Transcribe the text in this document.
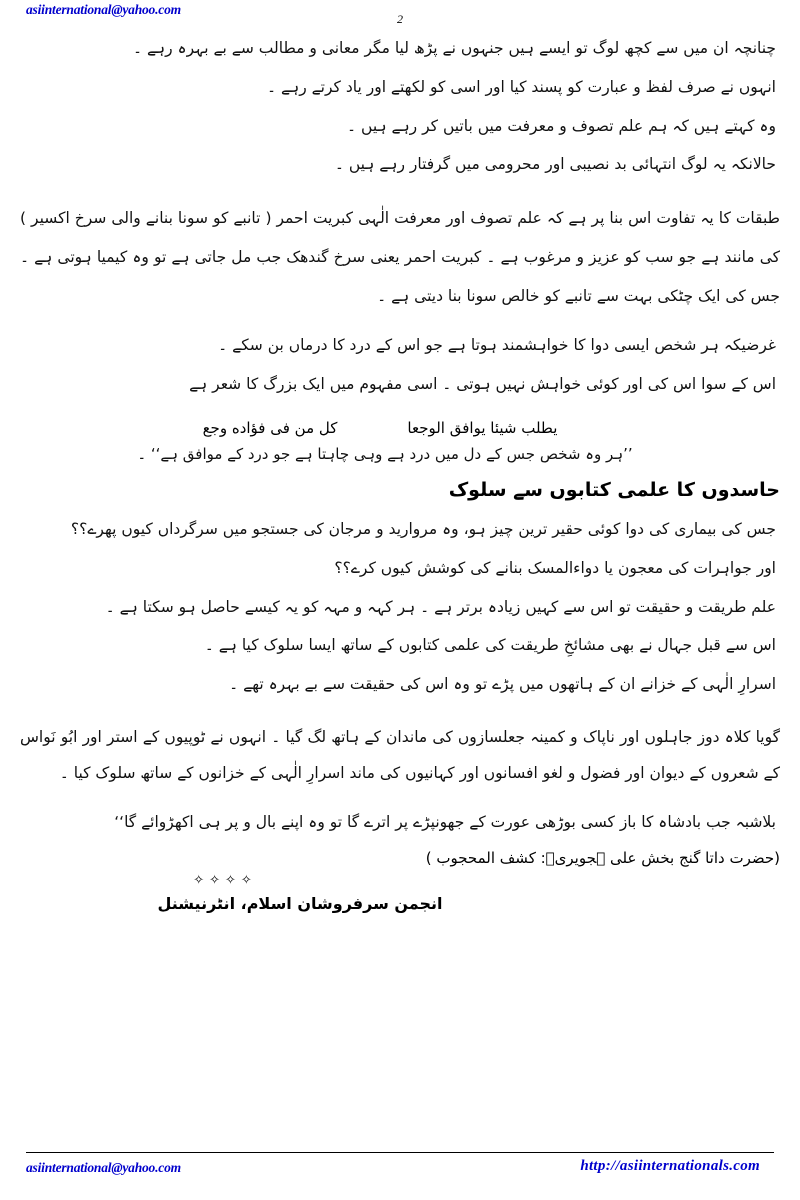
asiinternational@yahoo.com
2
چنانچہ ان میں سے کچھ لوگ تو ایسے ہیں جنہوں نے پڑھ لیا مگر معانی و مطالب سے بے بہرہ رہے ۔
انہوں نے صرف لفظ و عبارت کو پسند کیا اور اسی کو لکھتے اور یاد کرتے رہے ۔
وہ کہتے ہیں کہ ہم علم تصوف و معرفت میں باتیں کر رہے ہیں ۔
حالانکہ یہ لوگ انتہائی بد نصیبی اور محرومی میں گرفتار رہے ہیں ۔
طبقات کا یہ تفاوت اس بنا پر ہے کہ علم تصوف اور معرفت الٰہی کبریت احمر ( تانبے کو سونا بنانے والی سرخ اکسیر ) کی مانند ہے جو سب کو عزیز و مرغوب ہے ۔ کبریت احمر یعنی سرخ گندھک جب مل جاتی ہے تو وہ کیمیا ہوتی ہے ۔ جس کی ایک چٹکی بہت سے تانبے کو خالص سونا بنا دیتی ہے ۔
غرضیکہ ہر شخص ایسی دوا کا خواہشمند ہوتا ہے جو اس کے درد کا درماں بن سکے ۔
اس کے سوا اس کی اور کوئی خواہش نہیں ہوتی ۔ اسی مفہوم میں ایک بزرگ کا شعر ہے
يطلب شيئا يوافق الوجعا
كل من فى فؤاده وجع
’’ہر وہ شخص جس کے دل میں درد ہے وہی چاہتا ہے جو درد کے موافق ہے‘‘ ۔
حاسدوں کا علمی کتابوں سے سلوک
جس کی بیماری کی دوا کوئی حقیر ترین چیز ہو، وہ مروارید و مرجان کی جستجو میں سرگرداں کیوں پھرے؟؟
اور جواہرات کی معجون یا دواءالمسک بنانے کی کوشش کیوں کرے؟؟
علم طریقت و حقیقت تو اس سے کہیں زیادہ برتر ہے ۔ ہر کہہ و مہہ کو یہ کیسے حاصل ہو سکتا ہے ۔
اس سے قبل جہال نے بھی مشائخِ طریقت کی علمی کتابوں کے ساتھ ایسا سلوک کیا ہے ۔
اسرارِ الٰہی کے خزانے ان کے ہاتھوں میں پڑے تو وہ اس کی حقیقت سے بے بہرہ تھے ۔
گویا کلاہ دوز جاہلوں اور ناپاک و کمینہ جعلسازوں کی ماندان کے ہاتھ لگ گیا ۔ انہوں نے ٹوپیوں کے استر اور ابُو نَواس کے شعروں کے دیوان اور فضول و لغو افسانوں اور کہانیوں کی ماند اسرارِ الٰہی کے خزانوں کے ساتھ سلوک کیا ۔
بلاشبہ جب بادشاہ کا باز کسی بوڑھی عورت کے جھونپڑے پر اترے گا تو وہ اپنے بال و پر ہی اکھڑوائے گا‘‘
(حضرت داتا گنج بخش علی ہجویریؒ: کشف المحجوب )
✧✧✧✧
انجمن سرفروشان اسلام، انٹرنیشنل
asiinternational@yahoo.com	http://asiinternationals.com
